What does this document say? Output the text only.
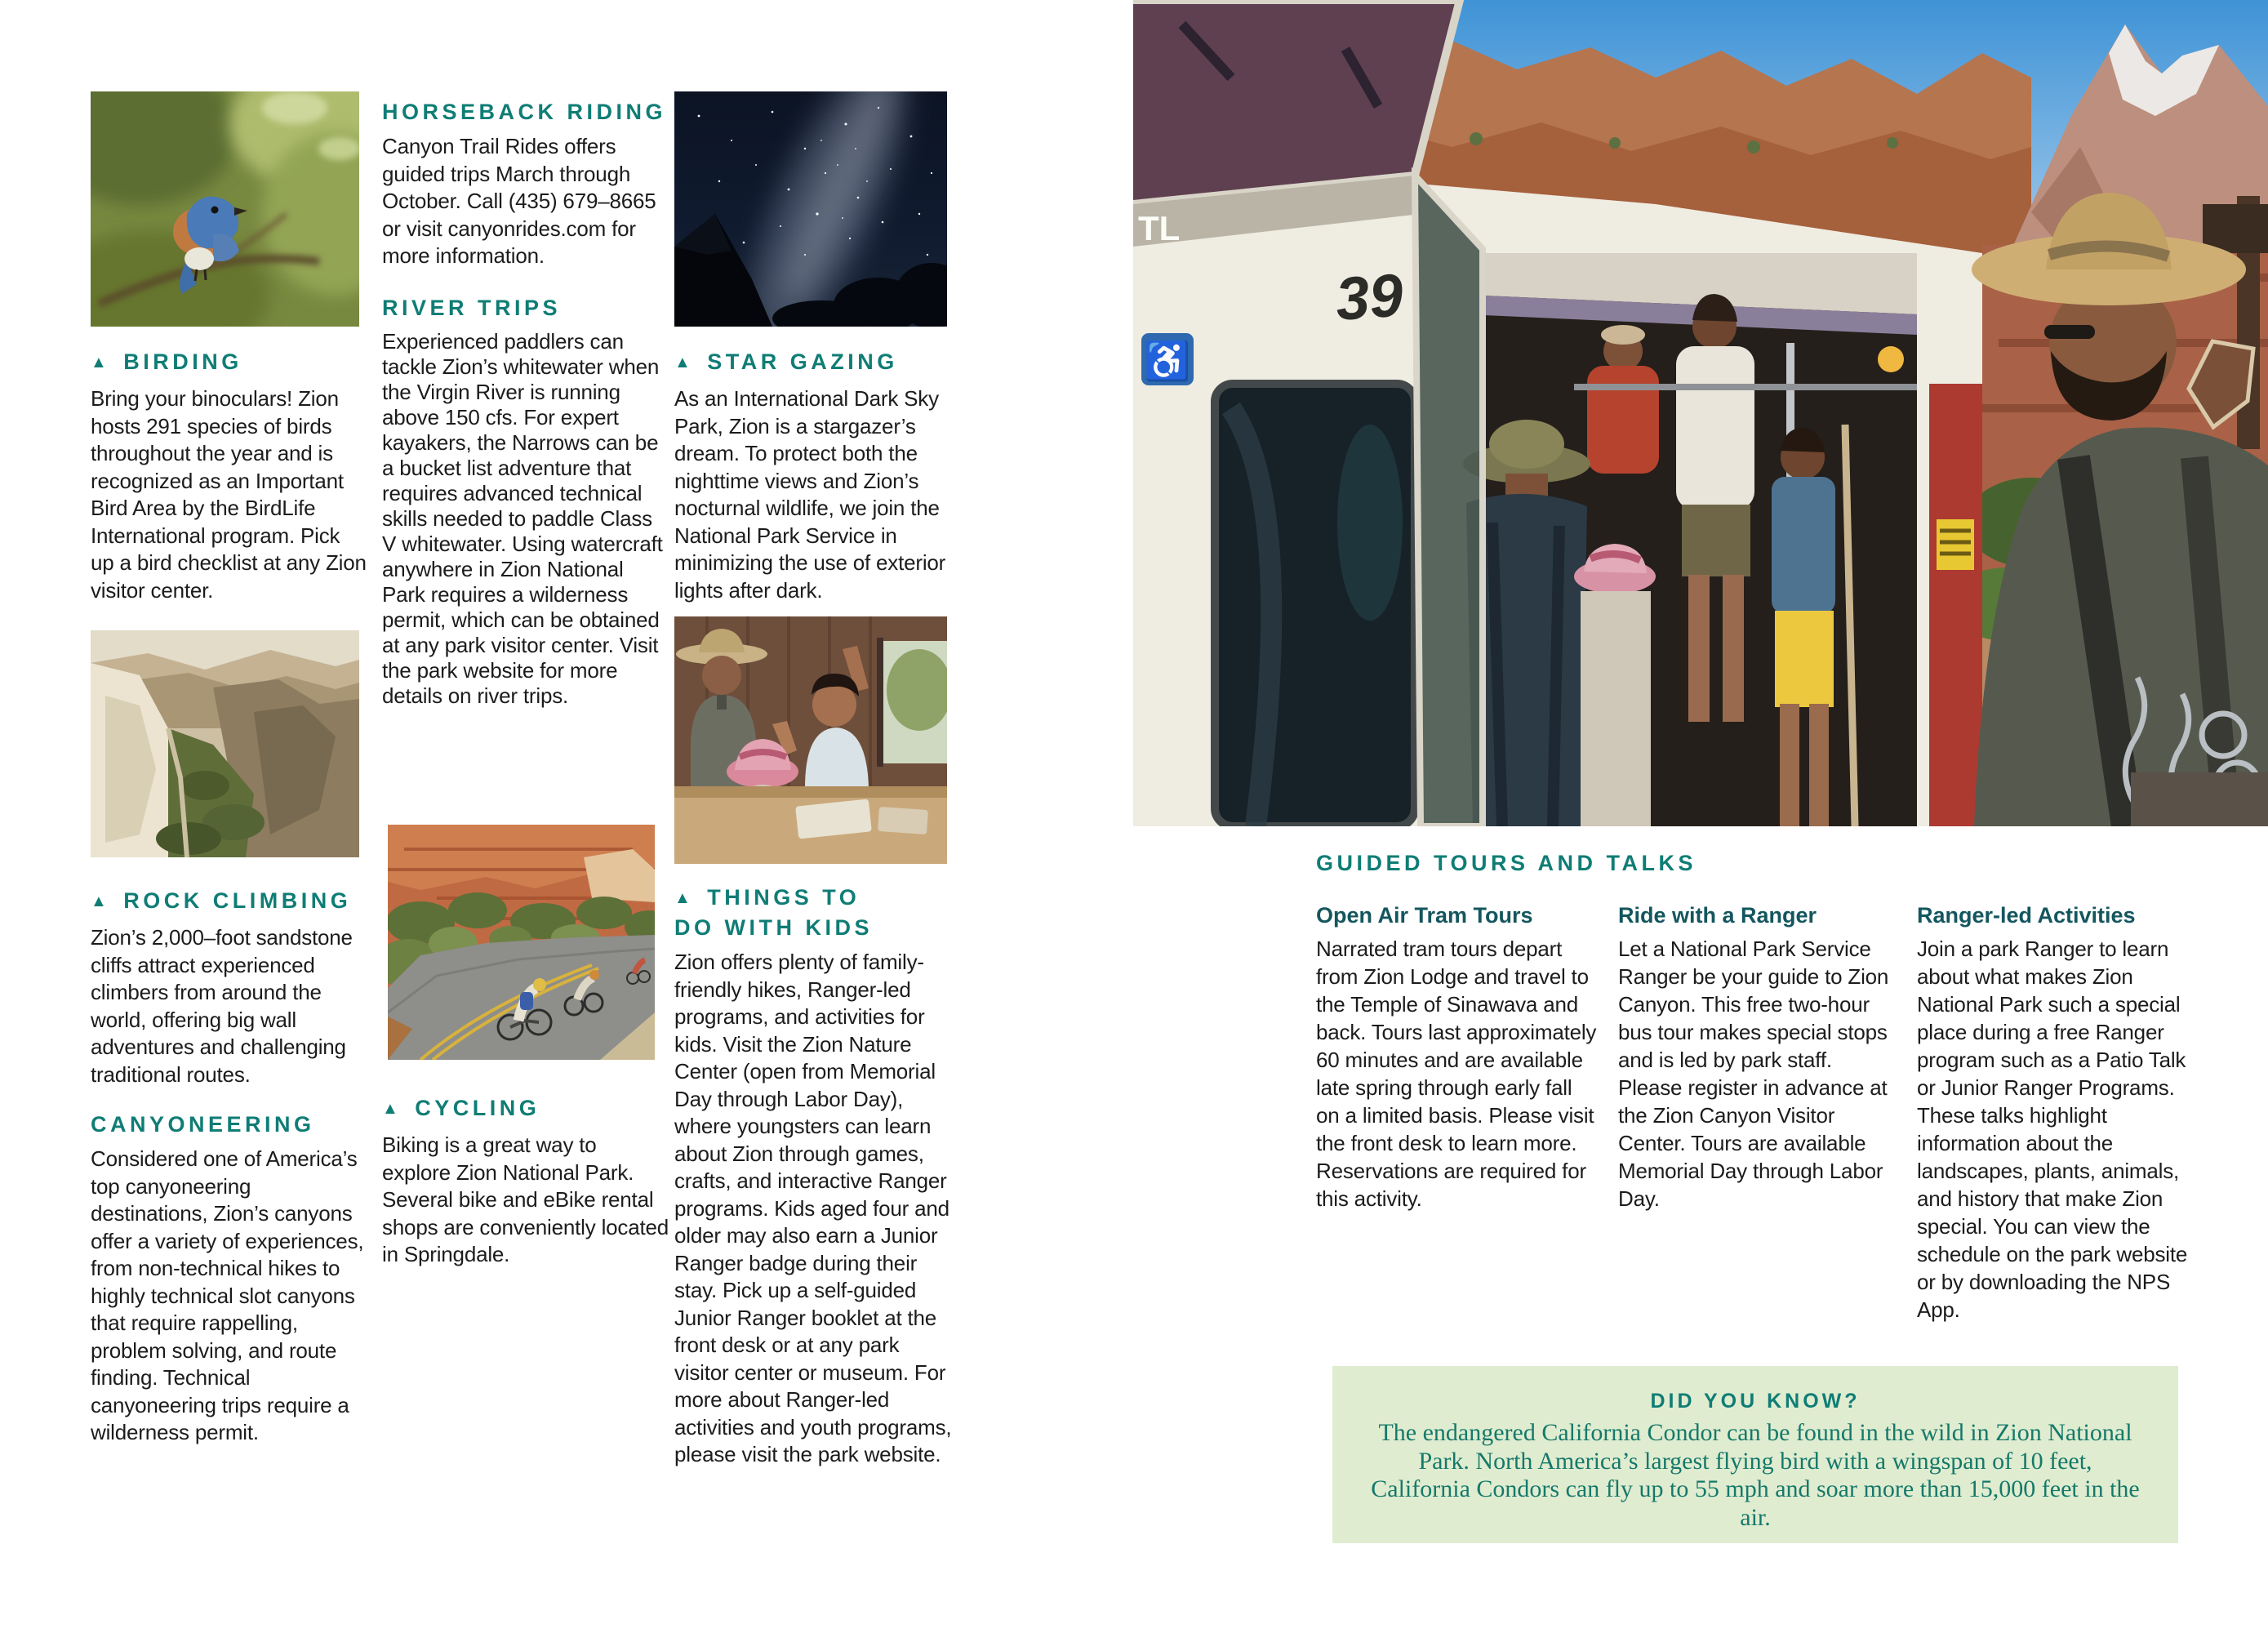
▲ BIRDING
Bring your binoculars! Zion hosts 291 species of birds throughout the year and is recognized as an Important Bird Area by the BirdLife International program. Pick up a bird checklist at any Zion visitor center.
▲ ROCK CLIMBING
Zion’s 2,000–foot sandstone cliffs attract experienced climbers from around the world, offering big wall adventures and challenging traditional routes.
CANYONEERING
Considered one of America’s top canyoneering destinations, Zion’s canyons offer a variety of experiences, from non-technical hikes to highly technical slot canyons that require rappelling, problem solving, and route finding. Technical canyoneering trips require a wilderness permit.
HORSEBACK RIDING
Canyon Trail Rides offers guided trips March through October. Call (435) 679–8665 or visit canyonrides.com for more information.
RIVER TRIPS
Experienced paddlers can tackle Zion’s whitewater when the Virgin River is running above 150 cfs. For expert kayakers, the Narrows can be a bucket list adventure that requires advanced technical skills needed to paddle Class V whitewater. Using watercraft anywhere in Zion National Park requires a wilderness permit, which can be obtained at any park visitor center. Visit the park website for more details on river trips.
▲ CYCLING
Biking is a great way to explore Zion National Park. Several bike and eBike rental shops are conveniently located in Springdale.
▲ STAR GAZING
As an International Dark Sky Park, Zion is a stargazer’s dream. To protect both the nighttime views and Zion’s nocturnal wildlife, we join the National Park Service in minimizing the use of exterior lights after dark.
▲ THINGS TO
DO WITH KIDS
Zion offers plenty of family-friendly hikes, Ranger-led programs, and activities for kids. Visit the Zion Nature Center (open from Memorial Day through Labor Day), where youngsters can learn about Zion through games, crafts, and interactive Ranger programs. Kids aged four and older may also earn a Junior Ranger badge during their stay. Pick up a self-guided Junior Ranger booklet at the front desk or at any park visitor center or museum. For more about Ranger-led activities and youth programs, please visit the park website.
TL
39
♿
GUIDED TOURS AND TALKS
Open Air Tram Tours
Narrated tram tours depart from Zion Lodge and travel to the Temple of Sinawava and back. Tours last approximately 60 minutes and are available late spring through early fall on a limited basis. Please visit the front desk to learn more. Reservations are required for this activity.
Ride with a Ranger
Let a National Park Service Ranger be your guide to Zion Canyon. This free two-hour bus tour makes special stops and is led by park staff. Please register in advance at the Zion Canyon Visitor Center. Tours are available Memorial Day through Labor Day.
Ranger-led Activities
Join a park Ranger to learn about what makes Zion National Park such a special place during a free Ranger program such as a Patio Talk or Junior Ranger Programs. These talks highlight information about the landscapes, plants, animals, and history that make Zion special. You can view the schedule on the park website or by downloading the NPS App.
DID YOU KNOW?
The endangered California Condor can be found in the wild in Zion National Park. North America’s largest flying bird with a wingspan of 10 feet, California Condors can fly up to 55 mph and soar more than 15,000 feet in the air.
